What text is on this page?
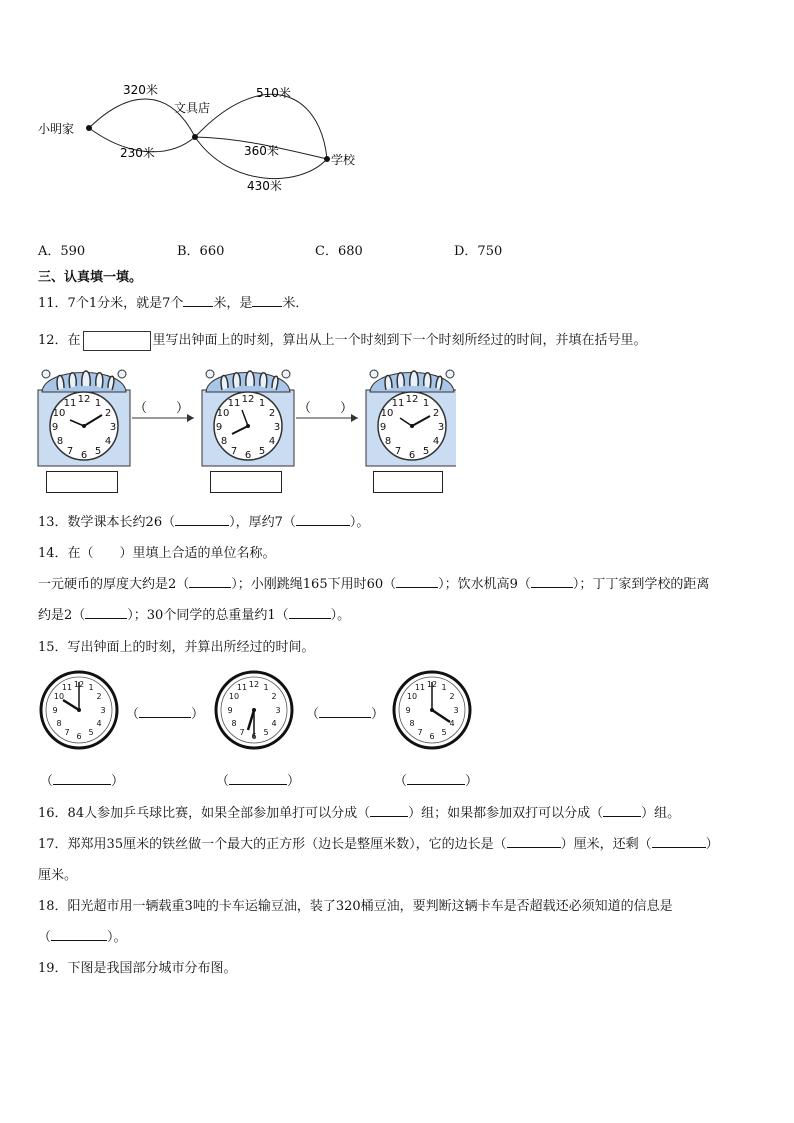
小明家
文具店
学校
320米
230米
510米
360米
430米
A．590	B．660	C．680	D．750
三、认真填一填。
11．7个1分米，就是7个 米，是 米．
12．在	里写出钟面上的时刻，算出从上一个时刻到下一个时刻所经过的时间，并填在括号里。
（ ）	（ ）
13．数学课本长约26（	），厚约7（	）。
14．在（　　）里填上合适的单位名称。
一元硬币的厚度大约是2（	）；小刚跳绳165下用时60（	）；饮水机高9（	）；丁丁家到学校的距离
约是2（	）；30个同学的总重量约1（	）。
15．写出钟面上的时刻，并算出所经过的时间。
（	）	（	）
（	）	（	）	（	）
16．84人参加乒乓球比赛，如果全部参加单打可以分成（	）组；如果都参加双打可以分成（	）组。
17．郑郑用35厘米的铁丝做一个最大的正方形（边长是整厘米数），它的边长是（	）厘米，还剩（	）
厘米。
18．阳光超市用一辆载重3吨的卡车运输豆油，装了320桶豆油，要判断这辆卡车是否超载还必须知道的信息是
（	）。
19．下图是我国部分城市分布图。
